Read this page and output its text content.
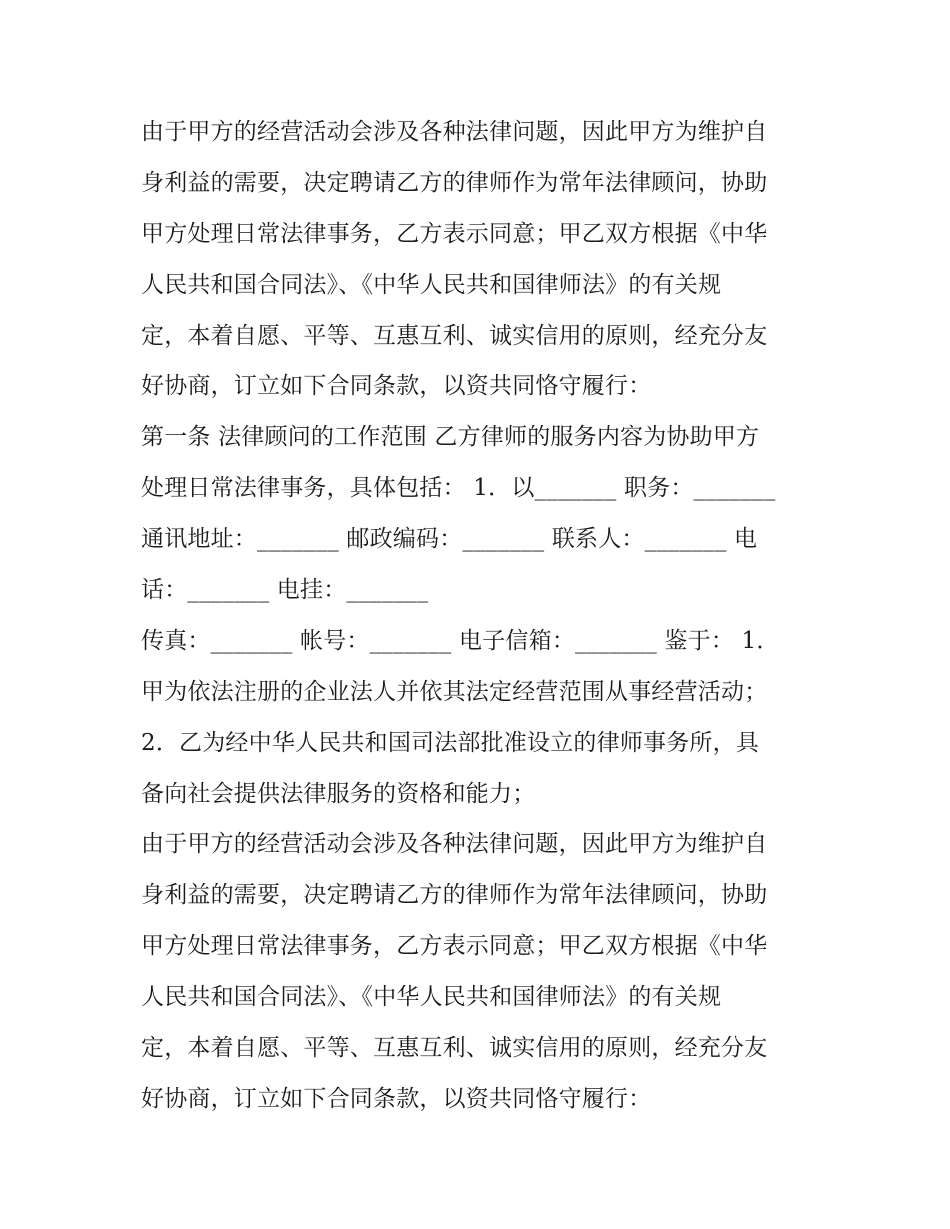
由于甲方的经营活动会涉及各种法律问题，因此甲方为维护自
身利益的需要，决定聘请乙方的律师作为常年法律顾问，协助
甲方处理日常法律事务，乙方表示同意；甲乙双方根据《中华
人民共和国合同法》、《中华人民共和国律师法》的有关规
定，本着自愿、平等、互惠互利、诚实信用的原则，经充分友
好协商，订立如下合同条款，以资共同恪守履行：
第一条 法律顾问的工作范围 乙方律师的服务内容为协助甲方
处理日常法律事务，具体包括： 1．以_______ 职务：_______
通讯地址：_______ 邮政编码：_______ 联系人：_______ 电
话：_______ 电挂：_______
传真：_______ 帐号：_______ 电子信箱：_______ 鉴于： 1．
甲为依法注册的企业法人并依其法定经营范围从事经营活动；
2．乙为经中华人民共和国司法部批准设立的律师事务所，具
备向社会提供法律服务的资格和能力；
由于甲方的经营活动会涉及各种法律问题，因此甲方为维护自
身利益的需要，决定聘请乙方的律师作为常年法律顾问，协助
甲方处理日常法律事务，乙方表示同意；甲乙双方根据《中华
人民共和国合同法》、《中华人民共和国律师法》的有关规
定，本着自愿、平等、互惠互利、诚实信用的原则，经充分友
好协商，订立如下合同条款，以资共同恪守履行：
